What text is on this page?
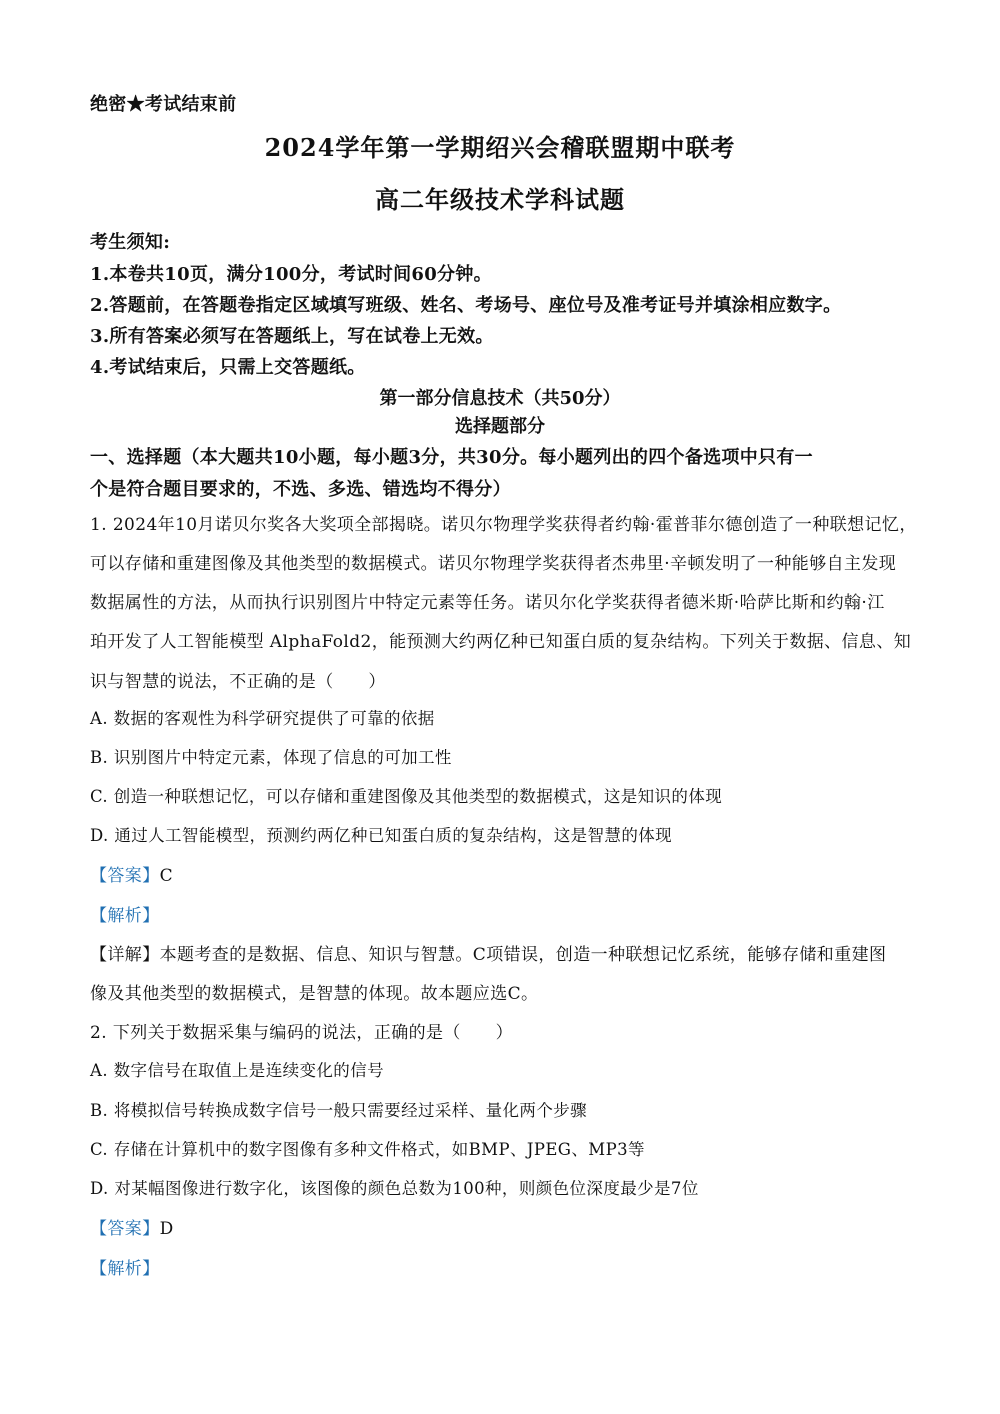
绝密★考试结束前
2024学年第一学期绍兴会稽联盟期中联考
高二年级技术学科试题
考生须知:
1.本卷共10页，满分100分，考试时间60分钟。
2.答题前，在答题卷指定区域填写班级、姓名、考场号、座位号及准考证号并填涂相应数字。
3.所有答案必须写在答题纸上，写在试卷上无效。
4.考试结束后，只需上交答题纸。
第一部分信息技术（共50分）
选择题部分
一、选择题（本大题共10小题，每小题3分，共30分。每小题列出的四个备选项中只有一
个是符合题目要求的，不选、多选、错选均不得分）
1. 2024年10月诺贝尔奖各大奖项全部揭晓。诺贝尔物理学奖获得者约翰·霍普菲尔德创造了一种联想记忆，
可以存储和重建图像及其他类型的数据模式。诺贝尔物理学奖获得者杰弗里·辛顿发明了一种能够自主发现
数据属性的方法，从而执行识别图片中特定元素等任务。诺贝尔化学奖获得者德米斯·哈萨比斯和约翰·江
珀开发了人工智能模型 AlphaFold2，能预测大约两亿种已知蛋白质的复杂结构。下列关于数据、信息、知
识与智慧的说法，不正确的是（　　）
A. 数据的客观性为科学研究提供了可靠的依据
B. 识别图片中特定元素，体现了信息的可加工性
C. 创造一种联想记忆，可以存储和重建图像及其他类型的数据模式，这是知识的体现
D. 通过人工智能模型，预测约两亿种已知蛋白质的复杂结构，这是智慧的体现
【答案】C
【解析】
【详解】本题考查的是数据、信息、知识与智慧。C项错误，创造一种联想记忆系统，能够存储和重建图
像及其他类型的数据模式，是智慧的体现。故本题应选C。
2. 下列关于数据采集与编码的说法，正确的是（　　）
A. 数字信号在取值上是连续变化的信号
B. 将模拟信号转换成数字信号一般只需要经过采样、量化两个步骤
C. 存储在计算机中的数字图像有多种文件格式，如BMP、JPEG、MP3等
D. 对某幅图像进行数字化，该图像的颜色总数为100种，则颜色位深度最少是7位
【答案】D
【解析】
